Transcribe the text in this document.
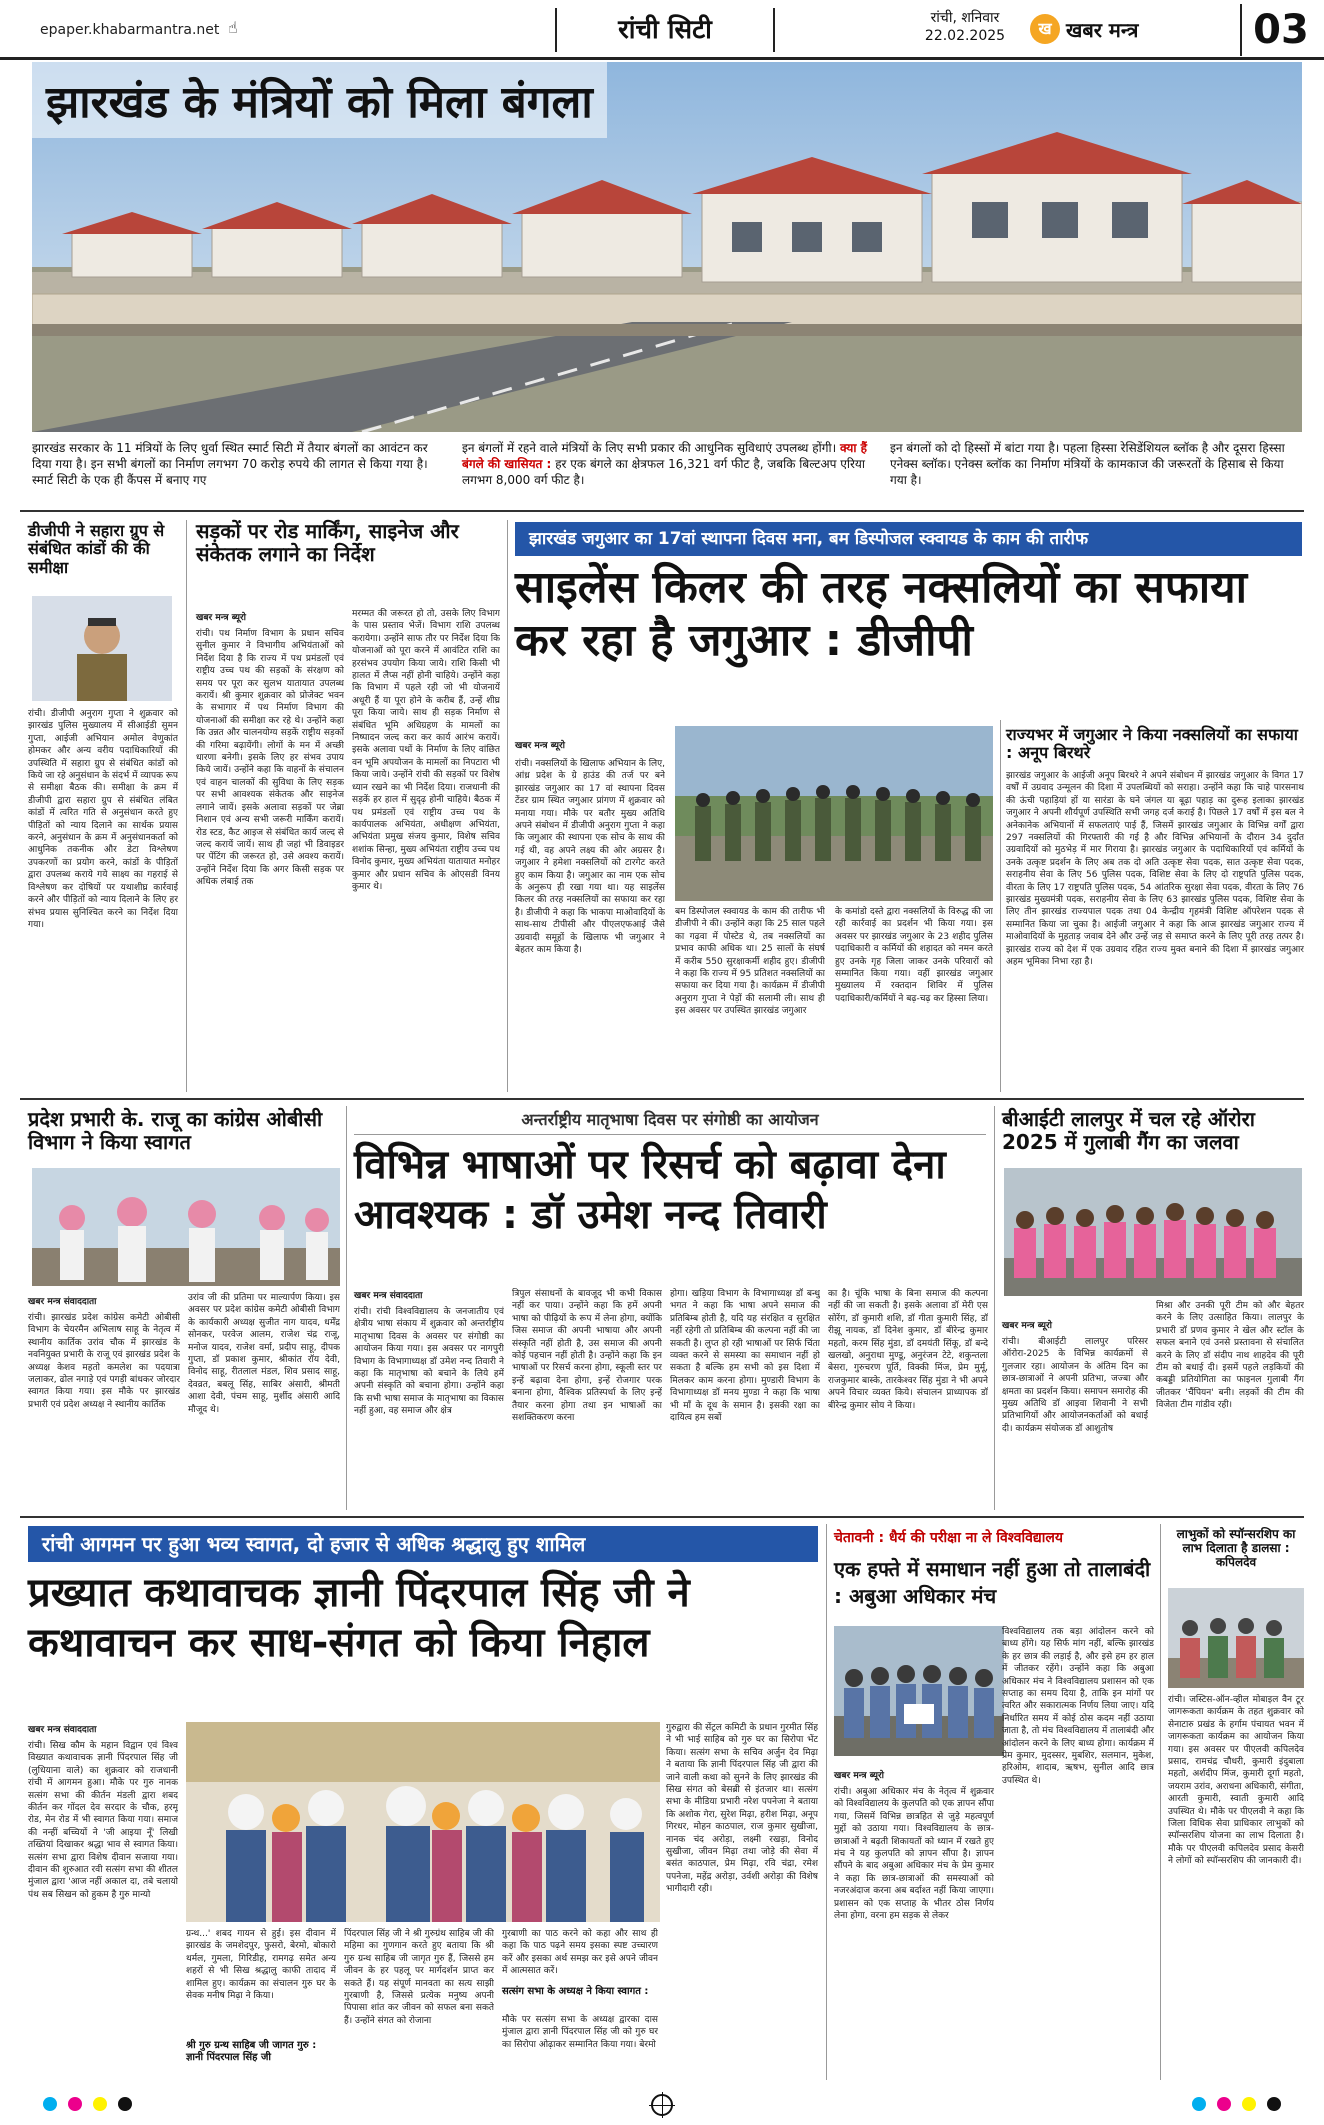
epaper.khabarmantra.net ☝	रांची सिटी	रांची, शनिवार
22.02.2025	ख खबर मन्त्र	03
झारखंड के मंत्रियों को मिला बंगला
झारखंड सरकार के 11 मंत्रियों के लिए धुर्वा स्थित स्मार्ट सिटी में तैयार बंगलों का आवंटन कर दिया गया है। इन सभी बंगलों का निर्माण लगभग 70 करोड़ रुपये की लागत से किया गया है। स्मार्ट सिटी के एक ही कैंपस में बनाए गए
इन बंगलों में रहने वाले मंत्रियों के लिए सभी प्रकार की आधुनिक सुविधाएं उपलब्ध होंगी। क्या हैं बंगले की खासियत : हर एक बंगले का क्षेत्रफल 16,321 वर्ग फीट है, जबकि बिल्टअप एरिया लगभग 8,000 वर्ग फीट है।
इन बंगलों को दो हिस्सों में बांटा गया है। पहला हिस्सा रेसिडेंशियल ब्लॉक है और दूसरा हिस्सा एनेक्स ब्लॉक। एनेक्स ब्लॉक का निर्माण मंत्रियों के कामकाज की जरूरतों के हिसाब से किया गया है।
डीजीपी ने सहारा ग्रुप से संबंधित कांडों की की समीक्षा
रांची। डीजीपी अनुराग गुप्ता ने शुक्रवार को झारखंड पुलिस मुख्यालय में सीआईडी सुमन गुप्ता, आईजी अभियान अमोल वेणुकांत होमकर और अन्य वरीय पदाधिकारियों की उपस्थिति में सहारा ग्रुप से संबंधित कांडों को किये जा रहे अनुसंधान के संदर्भ में व्यापक रूप से समीक्षा बैठक की। समीक्षा के क्रम में डीजीपी द्वारा सहारा ग्रुप से संबंधित लंबित कांडों में त्वरित गति से अनुसंधान करते हुए पीड़ितों को न्याय दिलाने का सार्थक प्रयास करने, अनुसंधान के क्रम में अनुसंधानकर्ता को आधुनिक तकनीक और डेटा विश्लेषण उपकरणों का प्रयोग करने, कांडों के पीड़ितों द्वारा उपलब्ध कराये गये साक्ष्य का गहराई से विश्लेषण कर दोषियों पर यथाशीघ्र कार्रवाई करने और पीड़ितों को न्याय दिलाने के लिए हर संभव प्रयास सुनिश्चित करने का निर्देश दिया गया।
सड़कों पर रोड मार्किंग, साइनेज और संकेतक लगाने का निर्देश
खबर मन्त्र ब्यूरो
रांची। पथ निर्माण विभाग के प्रधान सचिव सुनील कुमार ने विभागीय अभियंताओं को निर्देश दिया है कि राज्य में पथ प्रमंडलों एवं राष्ट्रीय उच्च पथ की सड़कों के संरक्षण को समय पर पूरा कर सुलभ यातायात उपलब्ध करायें। श्री कुमार शुक्रवार को प्रोजेक्ट भवन के सभागार में पथ निर्माण विभाग की योजनाओं की समीक्षा कर रहे थे। उन्होंने कहा कि उन्नत और चालनयोग्य सड़कें राष्ट्रीय सड़कों की गरिमा बढ़ायेंगी। लोगों के मन में अच्छी धारणा बनेगी। इसके लिए हर संभव उपाय किये जायें। उन्होंने कहा कि वाहनों के संचालन एवं वाहन चालकों की सुविधा के लिए सड़क पर सभी आवश्यक संकेतक और साइनेज लगाने जायें। इसके अलावा सड़कों पर जेब्रा निशान एवं अन्य सभी जरूरी मार्किंग करायें। रोड स्टड, कैट आइज से संबंधित कार्य जल्द से जल्द करायें जायें। साथ ही जहां भी डिवाइडर पर पेंटिंग की जरूरत हो, उसे अवश्य करायें। उन्होंने निर्देश दिया कि अगर किसी सड़क पर अधिक लंबाई तक
मरम्मत की जरूरत हो तो, उसके लिए विभाग के पास प्रस्ताव भेजें। विभाग राशि उपलब्ध करायेगा। उन्होंने साफ तौर पर निर्देश दिया कि योजनाओं को पूरा करने में आवंटित राशि का हरसंभव उपयोग किया जाये। राशि किसी भी हालत में लैप्स नहीं होनी चाहिये। उन्होंने कहा कि विभाग में पहले रही जो भी योजनायें अधूरी हैं या पूरा होने के करीब हैं, उन्हें शीघ्र पूरा किया जाये। साथ ही सड़क निर्माण से संबंधित भूमि अधिग्रहण के मामलों का निष्पादन जल्द करा कर कार्य आरंभ करायें। इसके अलावा पथों के निर्माण के लिए वांछित वन भूमि अपयोजन के मामलों का निपटारा भी किया जाये। उन्होंने रांची की सड़कों पर विशेष ध्यान रखने का भी निर्देश दिया। राजधानी की सड़कें हर हाल में सुदृढ़ होनी चाहिये। बैठक में पथ प्रमंडलों एवं राष्ट्रीय उच्च पथ के कार्यपालक अभियंता, अधीक्षण अभियंता, अभियंता प्रमुख संजय कुमार, विशेष सचिव शशांक सिन्हा, मुख्य अभियंता राष्ट्रीय उच्च पथ विनोद कुमार, मुख्य अभियंता यातायात मनोहर कुमार और प्रधान सचिव के ओएसडी विनय कुमार थे।
झारखंड जगुआर का 17वां स्थापना दिवस मना, बम डिस्पोजल स्क्वायड के काम की तारीफ
साइलेंस किलर की तरह नक्सलियों का सफाया कर रहा है जगुआर : डीजीपी
खबर मन्त्र ब्यूरो
रांची। नक्सलियों के खिलाफ अभियान के लिए, आंध्र प्रदेश के ग्रे हाउंड की तर्ज पर बने झारखंड जगुआर का 17 वां स्थापना दिवस टेंडर ग्राम स्थित जगुआर प्रांगण में शुक्रवार को मनाया गया। मौके पर बतौर मुख्य अतिथि अपने संबोधन में डीजीपी अनुराग गुप्ता ने कहा कि जगुआर की स्थापना एक सोच के साथ की गई थी, वह अपने लक्ष्य की ओर अग्रसर है। जगुआर ने हमेशा नक्सलियों को टारगेट करते हुए काम किया है। जगुआर का नाम एक सोच के अनुरूप ही रखा गया था। यह साइलेंस किलर की तरह नक्सलियों का सफाया कर रहा है। डीजीपी ने कहा कि भाकपा माओवादियों के साथ-साथ टीपीसी और पीएलएफआई जैसे उग्रवादी समूहों के खिलाफ भी जगुआर ने बेहतर काम किया है।
बम डिस्पोजल स्क्वायड के काम की तारीफ भी डीजीपी ने की। उन्होंने कहा कि 25 साल पहले का गढ़वा में पोस्टेड थे, तब नक्सलियों का प्रभाव काफी अधिक था। 25 सालों के संघर्ष में करीब 550 सुरक्षाकर्मी शहीद हुए। डीजीपी ने कहा कि राज्य में 95 प्रतिशत नक्सलियों का सफाया कर दिया गया है। कार्यक्रम में डीजीपी अनुराग गुप्ता ने पेड़ों की सलामी ली। साथ ही इस अवसर पर उपस्थित झारखंड जगुआर
के कमांडो दस्ते द्वारा नक्सलियों के विरुद्ध की जा रही कार्रवाई का प्रदर्शन भी किया गया। इस अवसर पर झारखंड जगुआर के 23 शहीद पुलिस पदाधिकारी व कर्मियों की शहादत को नमन करते हुए उनके गृह जिला जाकर उनके परिवारों को सम्मानित किया गया। वहीं झारखंड जगुआर मुख्यालय में रक्तदान शिविर में पुलिस पदाधिकारी/कर्मियों ने बढ़-चढ़ कर हिस्सा लिया।
राज्यभर में जगुआर ने किया नक्सलियों का सफाया : अनूप बिरथरे
झारखंड जगुआर के आईजी अनूप बिरथरे ने अपने संबोधन में झारखंड जगुआर के विगत 17 वर्षों में उग्रवाद उन्मूलन की दिशा में उपलब्धियों को सराहा। उन्होंने कहा कि चाहे पारसनाथ की ऊंची पहाड़ियां हों या सारंडा के घने जंगल या बूढ़ा पहाड़ का दुरूह इलाका झारखंड जगुआर ने अपनी शौर्यपूर्ण उपस्थिति सभी जगह दर्ज कराई है। पिछले 17 वर्षों में इस बल ने अनेकानेक अभियानों में सफलताएं पाई हैं, जिसमें झारखंड जगुआर के विभिन्न वर्गों द्वारा 297 नक्सलियों की गिरफ्तारी की गई है और विभिन्न अभियानों के दौरान 34 दुर्दांत उग्रवादियों को मुठभेड़ में मार गिराया है। झारखंड जगुआर के पदाधिकारियों एवं कर्मियों के उनके उत्कृष्ट प्रदर्शन के लिए अब तक दो अति उत्कृष्ट सेवा पदक, सात उत्कृष्ट सेवा पदक, सराहनीय सेवा के लिए 56 पुलिस पदक, विशिष्ट सेवा के लिए दो राष्ट्रपति पुलिस पदक, वीरता के लिए 17 राष्ट्रपति पुलिस पदक, 54 आंतरिक सुरक्षा सेवा पदक, वीरता के लिए 76 झारखंड मुख्यमंत्री पदक, सराहनीय सेवा के लिए 63 झारखंड पुलिस पदक, विशिष्ट सेवा के लिए तीन झारखंड राज्यपाल पदक तथा 04 केन्द्रीय गृहमंत्री विशिष्ट ऑपरेशन पदक से सम्मानित किया जा चुका है। आईजी जगुआर ने कहा कि आज झारखंड जगुआर राज्य में माओवादियों के मुहताड़ जवाब देने और उन्हें जड़ से समाप्त करने के लिए पूरी तरह तत्पर है। झारखंड राज्य को देश में एक उग्रवाद रहित राज्य मुक्त बनाने की दिशा में झारखंड जगुआर अहम भूमिका निभा रहा है।
प्रदेश प्रभारी के. राजू का कांग्रेस ओबीसी विभाग ने किया स्वागत
खबर मन्त्र संवाददाता
रांची। झारखंड प्रदेश कांग्रेस कमेटी ओबीसी विभाग के चेयरमैन अभिलाष साहू के नेतृत्व में स्थानीय कार्तिक उरांव चौक में झारखंड के नवनियुक्त प्रभारी के राजू एवं झारखंड प्रदेश के अध्यक्ष केशव महतो कमलेश का पदयात्रा जलाकर, ढोल नगाड़े एवं पगड़ी बांधकर जोरदार स्वागत किया गया। इस मौके पर झारखंड प्रभारी एवं प्रदेश अध्यक्ष ने स्थानीय कार्तिक
उरांव जी की प्रतिमा पर माल्यार्पण किया। इस अवसर पर प्रदेश कांग्रेस कमेटी ओबीसी विभाग के कार्यकारी अध्यक्ष सुजीत नाग यादव, धर्मेंद्र सोनकर, परवेज आलम, राजेश चंद्र राजू, मनोज यादव, राजेश वर्मा, प्रदीप साहू, दीपक गुप्ता, डॉ प्रकाश कुमार, श्रीकांत रॉय देवी, विनोद साहू, रीतलाल मंडल, शिव प्रसाद साहू, देवव्रत, बबलू सिंह, साबिर अंसारी, श्रीमती आशा देवी, पंचम साहू, मुर्शीद अंसारी आदि मौजूद थे।
अन्तर्राष्ट्रीय मातृभाषा दिवस पर संगोष्ठी का आयोजन
विभिन्न भाषाओं पर रिसर्च को बढ़ावा देना आवश्यक : डॉ उमेश नन्द तिवारी
खबर मन्त्र संवाददाता
रांची। रांची विश्वविद्यालय के जनजातीय एवं क्षेत्रीय भाषा संकाय में शुक्रवार को अन्तर्राष्ट्रीय मातृभाषा दिवस के अवसर पर संगोष्ठी का आयोजन किया गया। इस अवसर पर नागपुरी विभाग के विभागाध्यक्ष डॉ उमेश नन्द तिवारी ने कहा कि मातृभाषा को बचाने के लिये हमें अपनी संस्कृति को बचाना होगा। उन्होंने कहा कि सभी भाषा समाज के मातृभाषा का विकास नहीं हुआ, वह समाज और क्षेत्र
त्रिपुल संसाधनों के बावजूद भी कभी विकास नहीं कर पाया। उन्होंने कहा कि हमें अपनी भाषा को पीढ़ियों के रूप में लेना होगा, क्योंकि जिस समाज की अपनी भाषाया और अपनी संस्कृति नहीं होती है, उस समाज की अपनी कोई पहचान नहीं होती है। उन्होंने कहा कि इन भाषाओं पर रिसर्च करना होगा, स्कूली स्तर पर इन्हें बढ़ावा देना होगा, इन्हें रोजगार परक बनाना होगा, वैश्विक प्रतिस्पर्धा के लिए इन्हें तैयार करना होगा तथा इन भाषाओं का सशक्तिकरण करना
होगा। खड़िया विभाग के विभागाध्यक्ष डॉ बन्धु भगत ने कहा कि भाषा अपने समाज की प्रतिबिम्ब होती है, यदि यह संरक्षित व सुरक्षित नहीं रहेगी तो प्रतिबिम्ब की कल्पना नहीं की जा सकती है। लुप्त हो रही भाषाओं पर सिर्फ चिंता व्यक्त करने से समस्या का समाधान नहीं हो सकता है बल्कि हम सभी को इस दिशा में मिलकर काम करना होगा। मुण्डारी विभाग के विभागाध्यक्ष डॉ मनय मुण्डा ने कहा कि भाषा भी माँ के दूध के समान है। इसकी रक्षा का दायित्व हम सबों
का है। चूंकि भाषा के बिना समाज की कल्पना नहीं की जा सकती है। इसके अलावा डॉ मेरी एस सोरेंग, डॉ कुमारी शशि, डॉ गीता कुमारी सिंह, डॉ रीझू नायक, डॉ दिनेश कुमार, डॉ बीरेन्द्र कुमार महतो, करम सिंह मुंडा, डॉ दमयंती सिंकू, डॉ बन्दे खलखो, अनुराधा मुण्डू, अनुरंजन टेटे, शकुन्तला बेसरा, गुरुचरण पूर्ति, विक्की मिंज, प्रेम मुर्मू, राजकुमार बास्के, तारकेश्वर सिंह मुंडा ने भी अपने अपने विचार व्यक्त किये। संचालन प्राध्यापक डॉ बीरेन्द्र कुमार सोय ने किया।
बीआईटी लालपुर में चल रहे ऑरोरा 2025 में गुलाबी गैंग का जलवा
खबर मन्त्र ब्यूरो
रांची। बीआईटी लालपुर परिसर ऑरोरा-2025 के विभिन्न कार्यक्रमों से गुलजार रहा। आयोजन के अंतिम दिन का छात्र-छात्राओं ने अपनी प्रतिभा, जज्बा और क्षमता का प्रदर्शन किया। समापन समारोह की मुख्य अतिथि डॉ आइवा शिवानी ने सभी प्रतिभागियों और आयोजनकर्ताओं को बधाई दी। कार्यक्रम संयोजक डॉ आशुतोष
मिश्रा और उनकी पूरी टीम को और बेहतर करने के लिए उत्साहित किया। लालपुर के प्रभारी डॉ प्रणव कुमार ने खेल और स्टॉल के सफल बनाने एवं उनसे प्रस्तावना से संचालित करने के लिए डॉ संदीप नाथ शाहदेव की पूरी टीम को बधाई दी। इसमें पहले लड़कियों की कबड्डी प्रतियोगिता का फाइनल गुलाबी गैंग जीतकर 'चैंपियन' बनी। लड़कों की टीम की विजेता टीम गांडीव रही।
रांची आगमन पर हुआ भव्य स्वागत, दो हजार से अधिक श्रद्धालु हुए शामिल
प्रख्यात कथावाचक ज्ञानी पिंदरपाल सिंह जी ने कथावाचन कर साध-संगत को किया निहाल
खबर मन्त्र संवाददाता
रांची। सिख कौम के महान विद्वान एवं विश्व विख्यात कथावाचक ज्ञानी पिंदरपाल सिंह जी (लुधियाना वाले) का शुक्रवार को राजधानी रांची में आगमन हुआ। मौके पर गुरु नानक सत्संग सभा की कीर्तन मंडली द्वारा शबद कीर्तन कर गोंदल देव सरदार के चौक, हरमू रोड, मेन रोड में भी स्वागत किया गया। समाज की नन्हीं बच्चियों ने 'जी आइया नूँ' लिखी तख्तियां दिखाकर श्रद्धा भाव से स्वागत किया। सत्संग सभा द्वारा विशेष दीवान सजाया गया। दीवान की शुरुआत रवी सत्संग सभा की शीतल मुंजाल द्वारा 'आज नहीं अकाल दा, तबे चलायो पंथ सब सिखन को हुकम है गुरु मान्यो
ग्रन्थ...' शबद गायन से हुई। इस दीवान में झारखंड के जमशेदपुर, फुसरो, बेरमो, बोकारो थर्मल, गुमला, गिरिडीह, रामगढ़ समेत अन्य शहरों से भी सिख श्रद्धालु काफी तादाद में शामिल हुए। कार्यक्रम का संचालन गुरु घर के सेवक मनीष मिढ़ा ने किया।
श्री गुरु ग्रन्थ साहिब जी जागत गुरु : ज्ञानी पिंदरपाल सिंह जी
पिंदरपाल सिंह जी ने श्री गुरुग्रंथ साहिब जी की महिमा का गुणगान करते हुए बताया कि श्री गुरु ग्रन्थ साहिब जी जागृत गुरु हैं, जिससे हम जीवन के हर पहलू पर मार्गदर्शन प्राप्त कर सकते हैं। यह संपूर्ण मानवता का सत्य साझी गुरबाणी है, जिससे प्रत्येक मनुष्य अपनी पिपासा शांत कर जीवन को सफल बना सकते हैं। उन्होंने संगत को रोजाना
गुरबाणी का पाठ करने को कहा और साथ ही कहा कि पाठ पढ़ने समय इसका स्पष्ट उच्चारण करें और इसका अर्थ समझ कर इसे अपने जीवन में आत्मसात करें।
सत्संग सभा के अध्यक्ष ने किया स्वागत :
मौके पर सत्संग सभा के अध्यक्ष द्वारका दास मुंजाल द्वारा ज्ञानी पिंदरपाल सिंह जी को गुरु घर का सिरोपा ओढ़ाकर सम्मानित किया गया। बेरमो
गुरुद्वारा की सेंट्रल कमिटी के प्रधान गुरमीत सिंह ने भी भाई साहिब को गुरु घर का सिरोपा भेंट किया। सत्संग सभा के सचिव अर्जुन देव मिढ़ा ने बताया कि ज्ञानी पिंदरपाल सिंह जी द्वारा की जाने वाली कथा को सुनने के लिए झारखंड की सिख संगत को बेसब्री से इंतजार था। सत्संग सभा के मीडिया प्रभारी नरेश पपनेजा ने बताया कि अशोक गेरा, सुरेश मिढ़ा, हरीश मिढ़ा, अनूप गिरधर, मोहन काठपाल, राज कुमार सुखीजा, नानक चंद अरोड़ा, लक्ष्मी रखड़ा, विनोद सुखीजा, जीवन मिढ़ा तथा जोड़े की सेवा में बसंत काठपाल, प्रेम मिढ़ा, रवि चंद्रा, रमेश पपनेजा, महेंद्र अरोड़ा, उर्वशी अरोड़ा की विशेष भागीदारी रही।
चेतावनी : धैर्य की परीक्षा ना ले विश्वविद्यालय
एक हफ्ते में समाधान नहीं हुआ तो तालाबंदी : अबुआ अधिकार मंच
खबर मन्त्र ब्यूरो
रांची। अबुआ अधिकार मंच के नेतृत्व में शुक्रवार को विश्वविद्यालय के कुलपति को एक ज्ञापन सौंपा गया, जिसमें विभिन्न छात्रहित से जुड़े महत्वपूर्ण मुद्दों को उठाया गया। विश्वविद्यालय के छात्र-छात्राओं ने बढ़ती शिकायतों को ध्यान में रखते हुए मंच ने यह कुलपति को ज्ञापन सौंपा है। ज्ञापन सौंपने के बाद अबुआ अधिकार मंच के प्रेम कुमार ने कहा कि छात्र-छात्राओं की समस्याओं को नजरअंदाज करना अब बर्दाश्त नहीं किया जाएगा। प्रशासन को एक सप्ताह के भीतर ठोस निर्णय लेना होगा, वरना हम सड़क से लेकर
विश्वविद्यालय तक बड़ा आंदोलन करने को बाध्य होंगे। यह सिर्फ मांग नहीं, बल्कि झारखंड के हर छात्र की लड़ाई है, और इसे हम हर हाल में जीतकर रहेंगे। उन्होंने कहा कि अबुआ अधिकार मंच ने विश्वविद्यालय प्रशासन को एक सप्ताह का समय दिया है, ताकि इन मांगों पर त्वरित और सकारात्मक निर्णय लिया जाए। यदि निर्धारित समय में कोई ठोस कदम नहीं उठाया जाता है, तो मंच विश्वविद्यालय में तालाबंदी और आंदोलन करने के लिए बाध्य होगा। कार्यक्रम में प्रेम कुमार, मुदस्सर, मुबशिर, सलमान, मुकेश, हरिओम, शादाब, ऋषभ, सुनील आदि छात्र उपस्थित थे।
लाभुकों को स्पॉन्सरशिप का लाभ दिलाता है डालसा : कपिलदेव
रांची। जस्टिस-ऑन-व्हील मोबाइल वैन टूर जागरूकता कार्यक्रम के तहत शुक्रवार को सेनाटारु प्रखंड के हर्गाम पंचायत भवन में जागरूकता कार्यक्रम का आयोजन किया गया। इस अवसर पर पीएलवी कपिलदेव प्रसाद, रामचंद्र चौधरी, कुमारी इंदुबाला महतो, अर्शदीप मिंज, कुमारी दूर्गा महतो, जयराम उरांव, अराधना अधिकारी, संगीता, आरती कुमारी, स्वाती कुमारी आदि उपस्थित थे। मौके पर पीएलवी ने कहा कि जिला विधिक सेवा प्राधिकार लाभुकों को स्पॉन्सरशिप योजना का लाभ दिलाता है। मौके पर पीएलवी कपिलदेव प्रसाद केसरी ने लोगों को स्पॉन्सरशिप की जानकारी दी।
